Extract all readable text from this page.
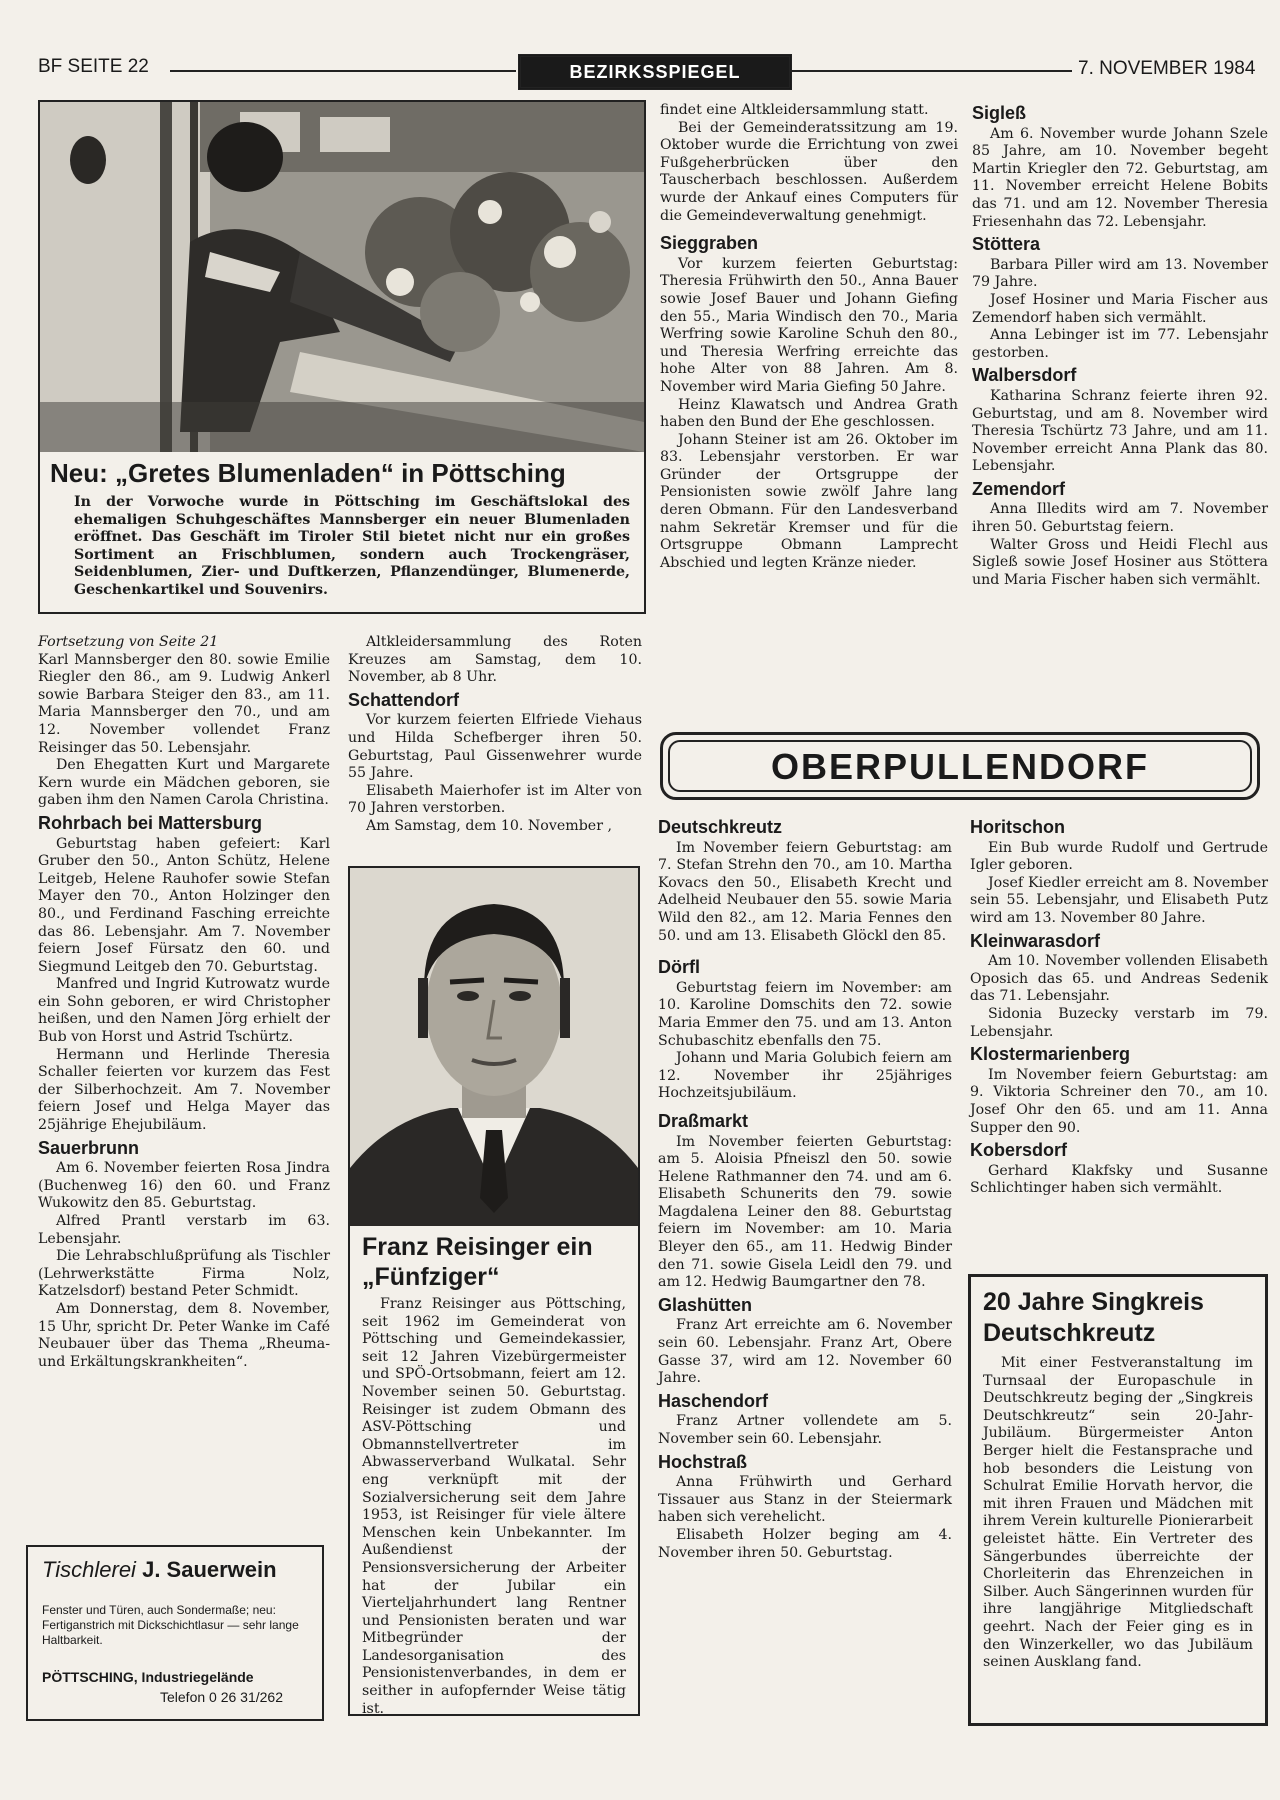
BF SEITE 22	BEZIRKSSPIEGEL	7. NOVEMBER 1984
Neu: „Gretes Blumenladen“ in Pöttsching
In der Vorwoche wurde in Pöttsching im Geschäftslokal des ehemaligen Schuhgeschäftes Mannsberger ein neuer Blumenladen eröffnet. Das Geschäft im Tiroler Stil bietet nicht nur ein großes Sortiment an Frischblumen, sondern auch Trockengräser, Seidenblumen, Zier- und Duftkerzen, Pflanzendünger, Blumenerde, Geschenkartikel und Souvenirs.

Fortsetzung von Seite 21

Karl Mannsberger den 80. sowie Emilie Riegler den 86., am 9. Ludwig Ankerl sowie Barbara Steiger den 83., am 11. Maria Mannsberger den 70., und am 12. November vollendet Franz Reisinger das 50. Lebensjahr.

Den Ehegatten Kurt und Margarete Kern wurde ein Mädchen geboren, sie gaben ihm den Namen Carola Christina.

Rohrbach bei Mattersburg

Geburtstag haben gefeiert: Karl Gruber den 50., Anton Schütz, Helene Leitgeb, Helene Rauhofer sowie Stefan Mayer den 70., Anton Holzinger den 80., und Ferdinand Fasching erreichte das 86. Lebensjahr. Am 7. November feiern Josef Fürsatz den 60. und Siegmund Leitgeb den 70. Geburtstag.

Manfred und Ingrid Kutrowatz wurde ein Sohn geboren, er wird Christopher heißen, und den Namen Jörg erhielt der Bub von Horst und Astrid Tschürtz.

Hermann und Herlinde Theresia Schaller feierten vor kurzem das Fest der Silberhochzeit. Am 7. November feiern Josef und Helga Mayer das 25jährige Ehejubiläum.

Sauerbrunn

Am 6. November feierten Rosa Jindra (Buchenweg 16) den 60. und Franz Wukowitz den 85. Geburtstag.

Alfred Prantl verstarb im 63. Lebensjahr.

Die Lehrabschlußprüfung als Tischler (Lehrwerkstätte Firma Nolz, Katzelsdorf) bestand Peter Schmidt.

Am Donnerstag, dem 8. November, 15 Uhr, spricht Dr. Peter Wanke im Café Neubauer über das Thema „Rheuma- und Erkältungskrankheiten“.

Tischlerei J. Sauerwein
Fenster und Türen, auch Sondermaße; neu: Fertiganstrich mit Dickschichtlasur — sehr lange Haltbarkeit.
PÖTTSCHING, Industriegelände
Telefon 0 26 31/262

Altkleidersammlung des Roten Kreuzes am Samstag, dem 10. November, ab 8 Uhr.

Schattendorf

Vor kurzem feierten Elfriede Viehaus und Hilda Schefberger ihren 50. Geburtstag, Paul Gissenwehrer wurde 55 Jahre.

Elisabeth Maierhofer ist im Alter von 70 Jahren verstorben.

Am Samstag, dem 10. November ,

Franz Reisinger ein „Fünfziger“

Franz Reisinger aus Pöttsching, seit 1962 im Gemeinderat von Pöttsching und Gemeindekassier, seit 12 Jahren Vizebürgermeister und SPÖ-Ortsobmann, feiert am 12. November seinen 50. Geburtstag. Reisinger ist zudem Obmann des ASV-Pöttsching und Obmannstellvertreter im Abwasserverband Wulkatal. Sehr eng verknüpft mit der Sozialversicherung seit dem Jahre 1953, ist Reisinger für viele ältere Menschen kein Unbekannter. Im Außendienst der Pensionsversicherung der Arbeiter hat der Jubilar ein Vierteljahrhundert lang Rentner und Pensionisten beraten und war Mitbegründer der Landesorganisation des Pensionistenverbandes, in dem er seither in aufopfernder Weise tätig ist.

findet eine Altkleidersammlung statt.

Bei der Gemeinderatssitzung am 19. Oktober wurde die Errichtung von zwei Fußgeherbrücken über den Tauscherbach beschlossen. Außerdem wurde der Ankauf eines Computers für die Gemeindeverwaltung genehmigt.

Sieggraben

Vor kurzem feierten Geburtstag: Theresia Frühwirth den 50., Anna Bauer sowie Josef Bauer und Johann Giefing den 55., Maria Windisch den 70., Maria Werfring sowie Karoline Schuh den 80., und Theresia Werfring erreichte das hohe Alter von 88 Jahren. Am 8. November wird Maria Giefing 50 Jahre.

Heinz Klawatsch und Andrea Grath haben den Bund der Ehe geschlossen.

Johann Steiner ist am 26. Oktober im 83. Lebensjahr verstorben. Er war Gründer der Ortsgruppe der Pensionisten sowie zwölf Jahre lang deren Obmann. Für den Landesverband nahm Sekretär Kremser und für die Ortsgruppe Obmann Lamprecht Abschied und legten Kränze nieder.

Sigleß

Am 6. November wurde Johann Szele 85 Jahre, am 10. November begeht Martin Kriegler den 72. Geburtstag, am 11. November erreicht Helene Bobits das 71. und am 12. November Theresia Friesenhahn das 72. Lebensjahr.

Stöttera

Barbara Piller wird am 13. November 79 Jahre.

Josef Hosiner und Maria Fischer aus Zemendorf haben sich vermählt.

Anna Lebinger ist im 77. Lebensjahr gestorben.

Walbersdorf

Katharina Schranz feierte ihren 92. Geburtstag, und am 8. November wird Theresia Tschürtz 73 Jahre, und am 11. November erreicht Anna Plank das 80. Lebensjahr.

Zemendorf

Anna Illedits wird am 7. November ihren 50. Geburtstag feiern.

Walter Gross und Heidi Flechl aus Sigleß sowie Josef Hosiner aus Stöttera und Maria Fischer haben sich vermählt.

OBERPULLENDORF
Deutschkreutz

Im November feiern Geburtstag: am 7. Stefan Strehn den 70., am 10. Martha Kovacs den 50., Elisabeth Krecht und Adelheid Neubauer den 55. sowie Maria Wild den 82., am 12. Maria Fennes den 50. und am 13. Elisabeth Glöckl den 85.

Dörfl

Geburtstag feiern im November: am 10. Karoline Domschits den 72. sowie Maria Emmer den 75. und am 13. Anton Schubaschitz ebenfalls den 75.

Johann und Maria Golubich feiern am 12. November ihr 25jähriges Hochzeitsjubiläum.

Draßmarkt

Im November feierten Geburtstag: am 5. Aloisia Pfneiszl den 50. sowie Helene Rathmanner den 74. und am 6. Elisabeth Schunerits den 79. sowie Magdalena Leiner den 88. Geburtstag feiern im November: am 10. Maria Bleyer den 65., am 11. Hedwig Binder den 71. sowie Gisela Leidl den 79. und am 12. Hedwig Baumgartner den 78.

Glashütten

Franz Art erreichte am 6. November sein 60. Lebensjahr. Franz Art, Obere Gasse 37, wird am 12. November 60 Jahre.

Haschendorf

Franz Artner vollendete am 5. November sein 60. Lebensjahr.

Hochstraß

Anna Frühwirth und Gerhard Tissauer aus Stanz in der Steiermark haben sich verehelicht.

Elisabeth Holzer beging am 4. November ihren 50. Geburtstag.

Horitschon

Ein Bub wurde Rudolf und Gertrude Igler geboren.

Josef Kiedler erreicht am 8. November sein 55. Lebensjahr, und Elisabeth Putz wird am 13. November 80 Jahre.

Kleinwarasdorf

Am 10. November vollenden Elisabeth Oposich das 65. und Andreas Sedenik das 71. Lebensjahr.

Sidonia Buzecky verstarb im 79. Lebensjahr.

Klostermarienberg

Im November feiern Geburtstag: am 9. Viktoria Schreiner den 70., am 10. Josef Ohr den 65. und am 11. Anna Supper den 90.

Kobersdorf

Gerhard Klakfsky und Susanne Schlichtinger haben sich vermählt.

20 Jahre Singkreis Deutschkreutz

Mit einer Festveranstaltung im Turnsaal der Europaschule in Deutschkreutz beging der „Singkreis Deutschkreutz“ sein 20-Jahr-Jubiläum. Bürgermeister Anton Berger hielt die Festansprache und hob besonders die Leistung von Schulrat Emilie Horvath hervor, die mit ihren Frauen und Mädchen mit ihrem Verein kulturelle Pionierarbeit geleistet hätte. Ein Vertreter des Sängerbundes überreichte der Chorleiterin das Ehrenzeichen in Silber. Auch Sängerinnen wurden für ihre langjährige Mitgliedschaft geehrt. Nach der Feier ging es in den Winzerkeller, wo das Jubiläum seinen Ausklang fand.
